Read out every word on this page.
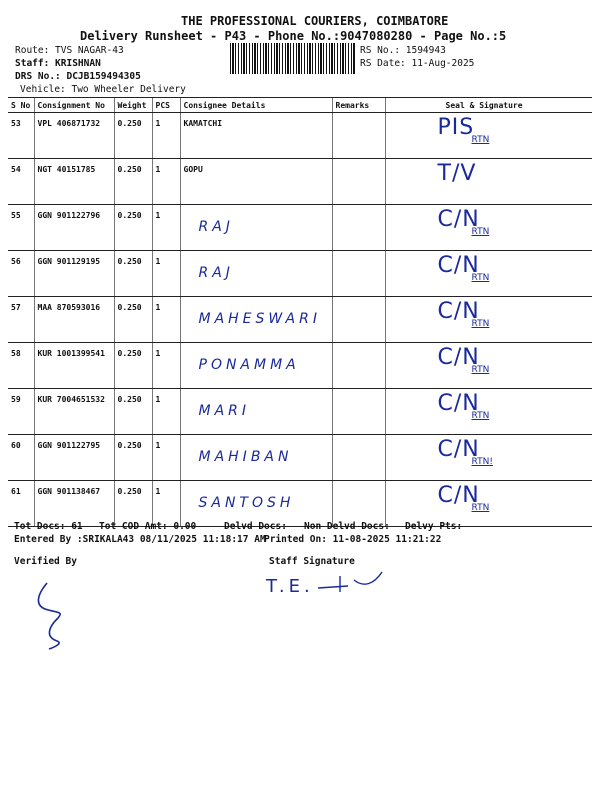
THE PROFESSIONAL COURIERS, COIMBATORE
Delivery Runsheet - P43 - Phone No.:9047080280 - Page No.:5
Route: TVS NAGAR-43
Staff: KRISHNAN
DRS No.: DCJB159494305
Vehicle: Two Wheeler Delivery
RS No.: 1594943
RS Date: 11-Aug-2025
S No	Consignment No	Weight	PCS	Consignee Details	Remarks	Seal & Signature
53	VPL 406871732	0.250	1	KAMATCHI		PIS
RTN

54	NGT 40151785	0.250	1	GOPU		T/V

55	GGN 901122796	0.250	1	RAJ		C/N
RTN

56	GGN 901129195	0.250	1	RAJ		C/N
RTN

57	MAA 870593016	0.250	1	MAHESWARI		C/N
RTN

58	KUR 1001399541	0.250	1	PONAMMA		C/N
RTN

59	KUR 7004651532	0.250	1	MARI		C/N
RTN

60	GGN 901122795	0.250	1	MAHIBAN		C/N
RTN!

61	GGN 901138467	0.250	1	SANTOSH		C/N
RTN
Tot Docs: 61 Tot COD Amt: 0.00	Delvd Docs: Non Delvd Docs: Delvy Pts:
Entered By :SRIKALA43 08/11/2025 11:18:17 AM
Printed On: 11-08-2025 11:21:22
Verified By	Staff Signature
T.E.
